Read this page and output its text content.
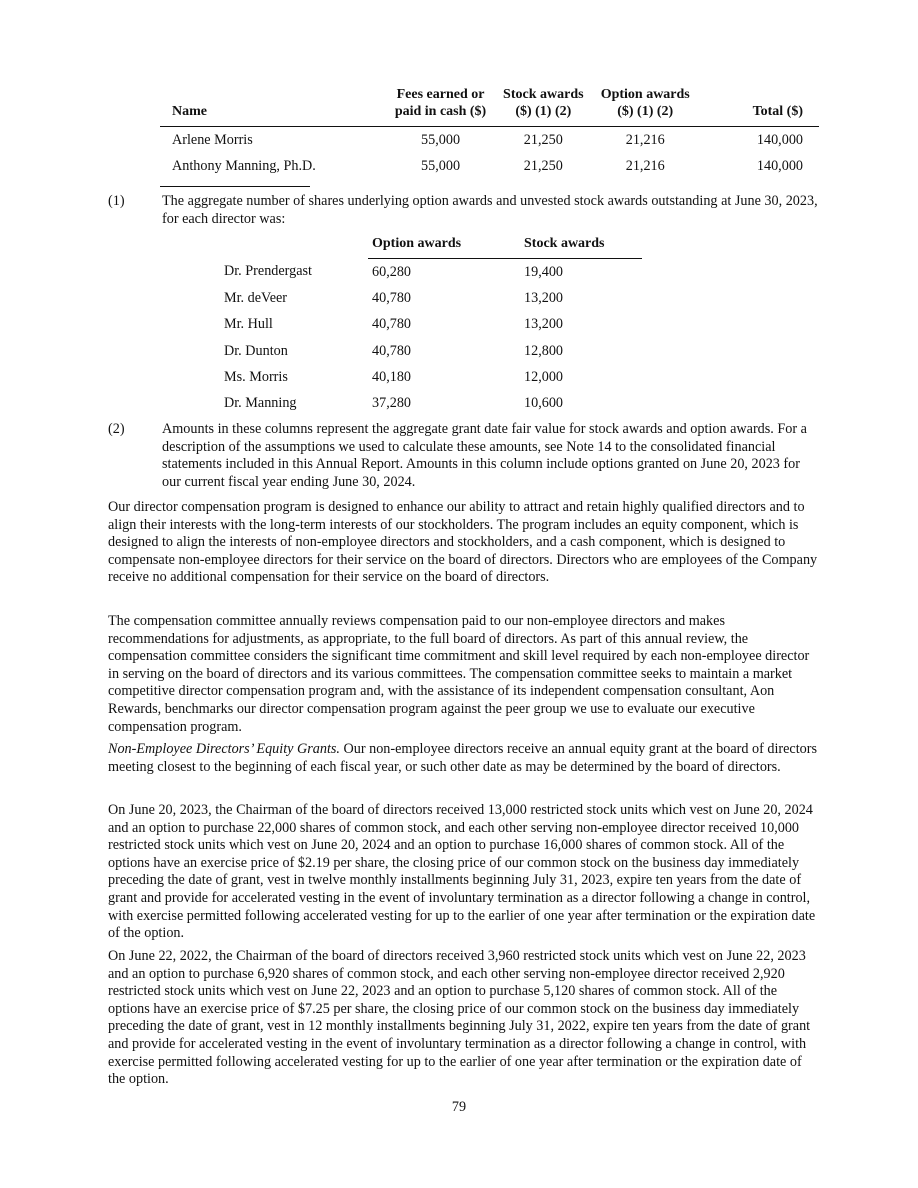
Name	Fees earned or paid in cash ($)	Stock awards ($) (1) (2)	Option awards ($) (1) (2)	Total ($)
Arlene Morris	55,000	21,250	21,216	140,000
Anthony Manning, Ph.D.	55,000	21,250	21,216	140,000
(1)	The aggregate number of shares underlying option awards and unvested stock awards outstanding at June 30, 2023, for each director was:
	Option awards	Stock awards
Dr. Prendergast	60,280	19,400
Mr. deVeer	40,780	13,200
Mr. Hull	40,780	13,200
Dr. Dunton	40,780	12,800
Ms. Morris	40,180	12,000
Dr. Manning	37,280	10,600
(2)	Amounts in these columns represent the aggregate grant date fair value for stock awards and option awards. For a description of the assumptions we used to calculate these amounts, see Note 14 to the consolidated financial statements included in this Annual Report. Amounts in this column include options granted on June 20, 2023 for our current fiscal year ending June 30, 2024.

Our director compensation program is designed to enhance our ability to attract and retain highly qualified directors and to align their interests with the long-term interests of our stockholders. The program includes an equity component, which is designed to align the interests of non-employee directors and stockholders, and a cash component, which is designed to compensate non-employee directors for their service on the board of directors. Directors who are employees of the Company receive no additional compensation for their service on the board of directors.

The compensation committee annually reviews compensation paid to our non-employee directors and makes recommendations for adjustments, as appropriate, to the full board of directors. As part of this annual review, the compensation committee considers the significant time commitment and skill level required by each non-employee director in serving on the board of directors and its various committees. The compensation committee seeks to maintain a market competitive director compensation program and, with the assistance of its independent compensation consultant, Aon Rewards, benchmarks our director compensation program against the peer group we use to evaluate our executive compensation program.

Non-Employee Directors’ Equity Grants. Our non-employee directors receive an annual equity grant at the board of directors meeting closest to the beginning of each fiscal year, or such other date as may be determined by the board of directors.

On June 20, 2023, the Chairman of the board of directors received 13,000 restricted stock units which vest on June 20, 2024 and an option to purchase 22,000 shares of common stock, and each other serving non-employee director received 10,000 restricted stock units which vest on June 20, 2024 and an option to purchase 16,000 shares of common stock. All of the options have an exercise price of $2.19 per share, the closing price of our common stock on the business day immediately preceding the date of grant, vest in twelve monthly installments beginning July 31, 2023, expire ten years from the date of grant and provide for accelerated vesting in the event of involuntary termination as a director following a change in control, with exercise permitted following accelerated vesting for up to the earlier of one year after termination or the expiration date of the option.

On June 22, 2022, the Chairman of the board of directors received 3,960 restricted stock units which vest on June 22, 2023 and an option to purchase 6,920 shares of common stock, and each other serving non-employee director received 2,920 restricted stock units which vest on June 22, 2023 and an option to purchase 5,120 shares of common stock. All of the options have an exercise price of $7.25 per share, the closing price of our common stock on the business day immediately preceding the date of grant, vest in 12 monthly installments beginning July 31, 2022, expire ten years from the date of grant and provide for accelerated vesting in the event of involuntary termination as a director following a change in control, with exercise permitted following accelerated vesting for up to the earlier of one year after termination or the expiration date of the option.

79
